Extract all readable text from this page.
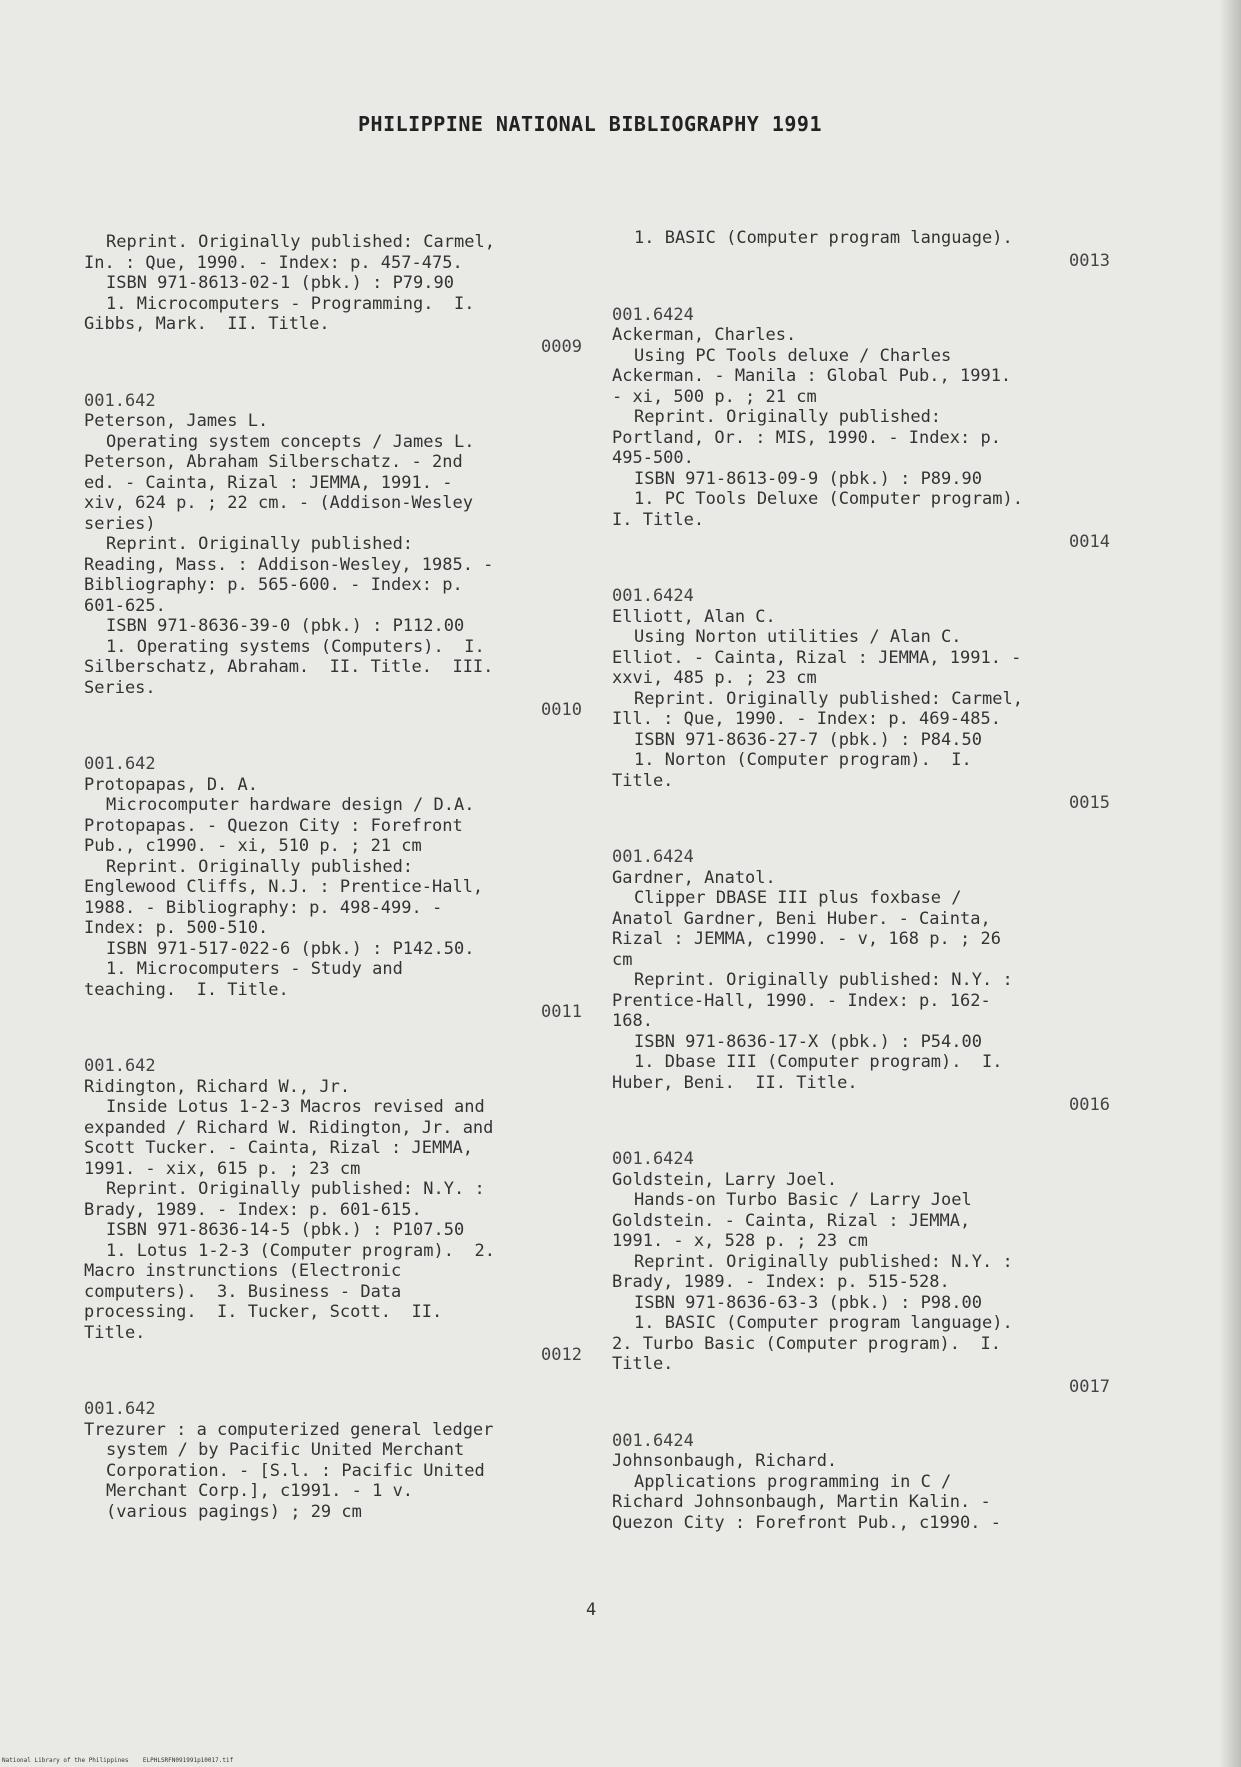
PHILIPPINE NATIONAL BIBLIOGRAPHY 1991
Reprint. Originally published: Carmel,
In. : Que, 1990. - Index: p. 457-475.
ISBN 971-8613-02-1 (pbk.) : P79.90
1. Microcomputers - Programming.  I.
Gibbs, Mark.  II. Title.
0009
001.642
Peterson, James L.
Operating system concepts / James L.
Peterson, Abraham Silberschatz. - 2nd
ed. - Cainta, Rizal : JEMMA, 1991. -
xiv, 624 p. ; 22 cm. - (Addison-Wesley
series)
Reprint. Originally published:
Reading, Mass. : Addison-Wesley, 1985. -
Bibliography: p. 565-600. - Index: p.
601-625.
ISBN 971-8636-39-0 (pbk.) : P112.00
1. Operating systems (Computers).  I.
Silberschatz, Abraham.  II. Title.  III.
Series.
0010
001.642
Protopapas, D. A.
Microcomputer hardware design / D.A.
Protopapas. - Quezon City : Forefront
Pub., c1990. - xi, 510 p. ; 21 cm
Reprint. Originally published:
Englewood Cliffs, N.J. : Prentice-Hall,
1988. - Bibliography: p. 498-499. -
Index: p. 500-510.
ISBN 971-517-022-6 (pbk.) : P142.50.
1. Microcomputers - Study and
teaching.  I. Title.
0011
001.642
Ridington, Richard W., Jr.
Inside Lotus 1-2-3 Macros revised and
expanded / Richard W. Ridington, Jr. and
Scott Tucker. - Cainta, Rizal : JEMMA,
1991. - xix, 615 p. ; 23 cm
Reprint. Originally published: N.Y. :
Brady, 1989. - Index: p. 601-615.
ISBN 971-8636-14-5 (pbk.) : P107.50
1. Lotus 1-2-3 (Computer program).  2.
Macro instrunctions (Electronic
computers).  3. Business - Data
processing.  I. Tucker, Scott.  II.
Title.
0012
001.642
Trezurer : a computerized general ledger
system / by Pacific United Merchant
Corporation. - [S.l. : Pacific United
Merchant Corp.], c1991. - 1 v.
(various pagings) ; 29 cm
1. BASIC (Computer program language).
0013
001.6424
Ackerman, Charles.
Using PC Tools deluxe / Charles
Ackerman. - Manila : Global Pub., 1991.
- xi, 500 p. ; 21 cm
Reprint. Originally published:
Portland, Or. : MIS, 1990. - Index: p.
495-500.
ISBN 971-8613-09-9 (pbk.) : P89.90
1. PC Tools Deluxe (Computer program).
I. Title.
0014
001.6424
Elliott, Alan C.
Using Norton utilities / Alan C.
Elliot. - Cainta, Rizal : JEMMA, 1991. -
xxvi, 485 p. ; 23 cm
Reprint. Originally published: Carmel,
Ill. : Que, 1990. - Index: p. 469-485.
ISBN 971-8636-27-7 (pbk.) : P84.50
1. Norton (Computer program).  I.
Title.
0015
001.6424
Gardner, Anatol.
Clipper DBASE III plus foxbase /
Anatol Gardner, Beni Huber. - Cainta,
Rizal : JEMMA, c1990. - v, 168 p. ; 26
cm
Reprint. Originally published: N.Y. :
Prentice-Hall, 1990. - Index: p. 162-
168.
ISBN 971-8636-17-X (pbk.) : P54.00
1. Dbase III (Computer program).  I.
Huber, Beni.  II. Title.
0016
001.6424
Goldstein, Larry Joel.
Hands-on Turbo Basic / Larry Joel
Goldstein. - Cainta, Rizal : JEMMA,
1991. - x, 528 p. ; 23 cm
Reprint. Originally published: N.Y. :
Brady, 1989. - Index: p. 515-528.
ISBN 971-8636-63-3 (pbk.) : P98.00
1. BASIC (Computer program language).
2. Turbo Basic (Computer program).  I.
Title.
0017
001.6424
Johnsonbaugh, Richard.
Applications programming in C /
Richard Johnsonbaugh, Martin Kalin. -
Quezon City : Forefront Pub., c1990. -
4
National Library of the Philippines    ELPHLSRFN091991p10017.tif
